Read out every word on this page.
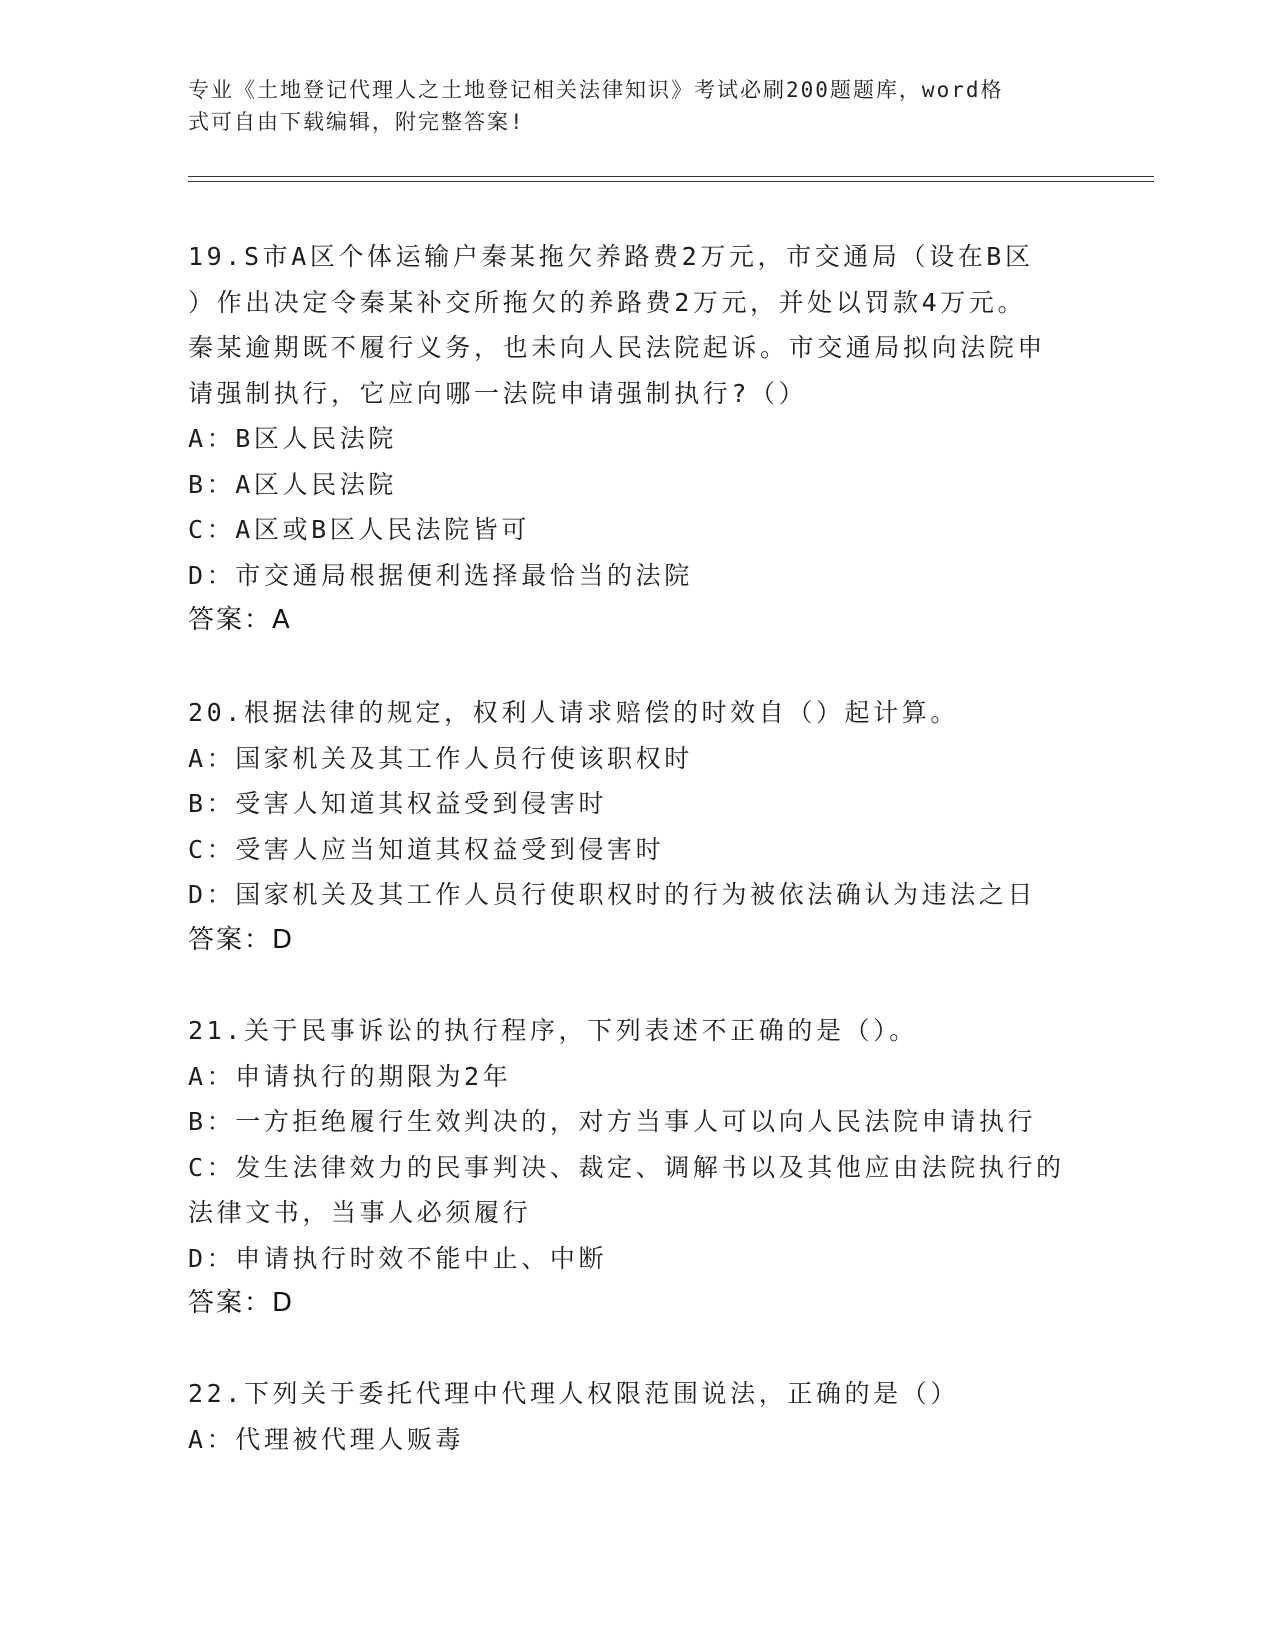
专业《土地登记代理人之土地登记相关法律知识》考试必刷200题题库，word格
式可自由下载编辑，附完整答案!
19.S市A区个体运输户秦某拖欠养路费2万元，市交通局（设在B区
）作出决定令秦某补交所拖欠的养路费2万元，并处以罚款4万元。
秦某逾期既不履行义务，也未向人民法院起诉。市交通局拟向法院申
请强制执行，它应向哪一法院申请强制执行?（）
A：B区人民法院
B：A区人民法院
C：A区或B区人民法院皆可
D：市交通局根据便利选择最恰当的法院
答案：A
20.根据法律的规定，权利人请求赔偿的时效自（）起计算。
A：国家机关及其工作人员行使该职权时
B：受害人知道其权益受到侵害时
C：受害人应当知道其权益受到侵害时
D：国家机关及其工作人员行使职权时的行为被依法确认为违法之日
答案：D
21.关于民事诉讼的执行程序，下列表述不正确的是（）。
A：申请执行的期限为2年
B：一方拒绝履行生效判决的，对方当事人可以向人民法院申请执行
C：发生法律效力的民事判决、裁定、调解书以及其他应由法院执行的
法律文书，当事人必须履行
D：申请执行时效不能中止、中断
答案：D
22.下列关于委托代理中代理人权限范围说法，正确的是（）
A：代理被代理人贩毒
